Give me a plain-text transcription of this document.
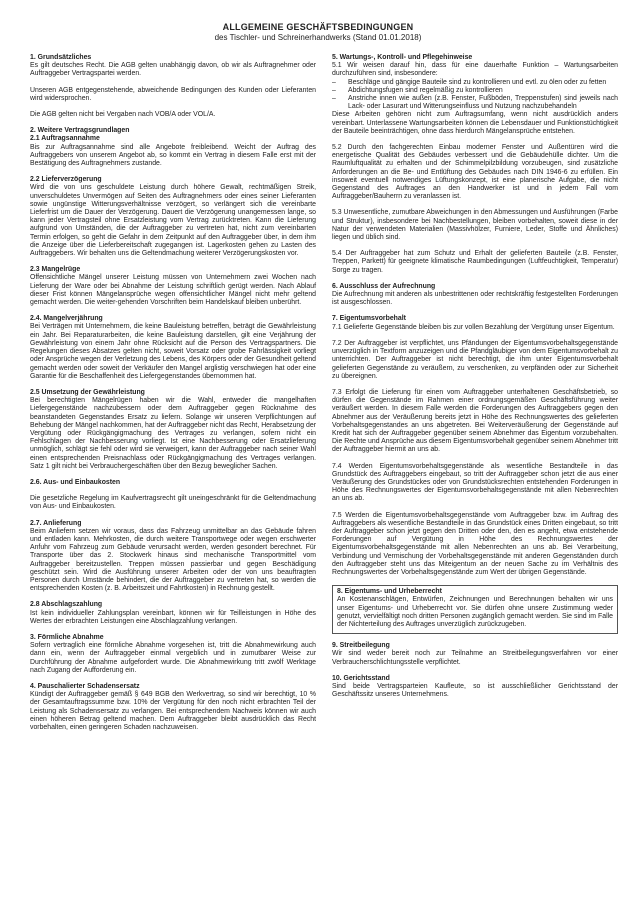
ALLGEMEINE GESCHÄFTSBEDINGUNGEN
des Tischler- und Schreinerhandwerks (Stand 01.01.2018)
1. Grundsätzliches

Es gilt deutsches Recht. Die AGB gelten unabhängig davon, ob wir als Auftragnehmer oder Auftraggeber Vertragspartei werden.

Unseren AGB entgegenstehende, abweichende Bedingungen des Kunden oder Lieferanten wird widersprochen.

Die AGB gelten nicht bei Vergaben nach VOB/A oder VOL/A.

2. Weitere Vertragsgrundlagen
2.1 Auftragsannahme

Bis zur Auftragsannahme sind alle Angebote freibleibend. Weicht der Auftrag des Auftraggebers von unserem Angebot ab, so kommt ein Vertrag in diesem Falle erst mit der Bestätigung des Auftragnehmers zustande.

2.2 Lieferverzögerung

Wird die von uns geschuldete Leistung durch höhere Gewalt, rechtmäßigen Streik, unverschuldetes Unvermögen auf Seiten des Auftragnehmers oder eines seiner Lieferanten sowie ungünstige Witterungsverhältnisse verzögert, so verlängert sich die vereinbarte Lieferfrist um die Dauer der Verzögerung. Dauert die Verzögerung unangemessen lange, so kann jeder Vertragsteil ohne Ersatzleistung vom Vertrag zurücktreten. Kann die Lieferung aufgrund von Umständen, die der Auftraggeber zu vertreten hat, nicht zum vereinbarten Termin erfolgen, so geht die Gefahr in dem Zeitpunkt auf den Auftraggeber über, in dem ihm die Anzeige über die Lieferbereitschaft zugegangen ist. Lagerkosten gehen zu Lasten des Auftraggebers. Wir behalten uns die Geltendmachung weiterer Verzögerungskosten vor.

2.3 Mangelrüge

Offensichtliche Mängel unserer Leistung müssen von Unternehmern zwei Wochen nach Lieferung der Ware oder bei Abnahme der Leistung schriftlich gerügt werden. Nach Ablauf dieser Frist können Mängelansprüche wegen offensichtlicher Mängel nicht mehr geltend gemacht werden. Die weiter-gehenden Vorschriften beim Handelskauf bleiben unberührt.

2.4. Mangelverjährung

Bei Verträgen mit Unternehmern, die keine Bauleistung betreffen, beträgt die Gewährleistung ein Jahr. Bei Reparaturarbeiten, die keine Bauleistung darstellen, gilt eine Verjährung der Gewährleistung von einem Jahr ohne Rücksicht auf die Person des Vertragspartners. Die Regelungen dieses Absatzes gelten nicht, soweit Vorsatz oder grobe Fahrlässigkeit vorliegt oder Ansprüche wegen der Verletzung des Lebens, des Körpers oder der Gesundheit geltend gemacht werden oder soweit der Verkäufer den Mangel arglistig verschwiegen hat oder eine Garantie für die Beschaffenheit des Liefergegenstandes übernommen hat.

2.5 Umsetzung der Gewährleistung

Bei berechtigten Mängelrügen haben wir die Wahl, entweder die mangelhaften Liefergegenstände nachzubessern oder dem Auftraggeber gegen Rücknahme des beanstandeten Gegenstandes Ersatz zu liefern. Solange wir unseren Verpflichtungen auf Behebung der Mängel nachkommen, hat der Auftraggeber nicht das Recht, Herabsetzung der Vergütung oder Rückgängigmachung des Vertrages zu verlangen, sofern nicht ein Fehlschlagen der Nachbesserung vorliegt. Ist eine Nachbesserung oder Ersatzlieferung unmöglich, schlägt sie fehl oder wird sie verweigert, kann der Auftraggeber nach seiner Wahl einen entsprechenden Preisnachlass oder Rückgängigmachung des Vertrages verlangen. Satz 1 gilt nicht bei Verbrauchergeschäften über den Bezug beweglicher Sachen.

2.6. Aus- und Einbaukosten

Die gesetzliche Regelung im Kaufvertragsrecht gilt uneingeschränkt für die Geltendmachung von Aus- und Einbaukosten.

2.7. Anlieferung

Beim Anliefern setzen wir voraus, dass das Fahrzeug unmittelbar an das Gebäude fahren und entladen kann. Mehrkosten, die durch weitere Transportwege oder wegen erschwerter Anfuhr vom Fahrzeug zum Gebäude verursacht werden, werden gesondert berechnet. Für Transporte über das 2. Stockwerk hinaus sind mechanische Transportmittel vom Auftraggeber bereitzustellen. Treppen müssen passierbar und gegen Beschädigung geschützt sein. Wird die Ausführung unserer Arbeiten oder der von uns beauftragten Personen durch Umstände behindert, die der Auftraggeber zu vertreten hat, so werden die entsprechenden Kosten (z. B. Arbeitszeit und Fahrtkosten) in Rechnung gestellt.

2.8 Abschlagszahlung

Ist kein individueller Zahlungsplan vereinbart, können wir für Teilleistungen in Höhe des Wertes der erbrachten Leistungen eine Abschlagzahlung verlangen.

3. Förmliche Abnahme

Sofern vertraglich eine förmliche Abnahme vorgesehen ist, tritt die Abnahmewirkung auch dann ein, wenn der Auftraggeber einmal vergeblich und in zumutbarer Weise zur Durchführung der Abnahme aufgefordert wurde. Die Abnahmewirkung tritt zwölf Werktage nach Zugang der Aufforderung ein.

4. Pauschalierter Schadensersatz

Kündigt der Auftraggeber gemäß § 649 BGB den Werkvertrag, so sind wir berechtigt, 10 % der Gesamtauftragssumme bzw. 10% der Vergütung für den noch nicht erbrachten Teil der Leistung als Schadensersatz zu verlangen. Bei entsprechendem Nachweis können wir auch einen höheren Betrag geltend machen. Dem Auftraggeber bleibt ausdrücklich das Recht vorbehalten, einen geringeren Schaden nachzuweisen.

5. Wartungs-, Kontroll- und Pflegehinweise

5.1 Wir weisen darauf hin, dass für eine dauerhafte Funktion – Wartungsarbeiten durchzuführen sind, insbesondere:

–	Beschläge und gängige Bauteile sind zu kontrollieren und evtl. zu ölen oder zu fetten
–	Abdichtungsfugen sind regelmäßig zu kontrollieren
–	Anstriche innen wie außen (z.B. Fenster, Fußböden, Treppenstufen) sind jeweils nach Lack- oder Lasurart und Witterungseinfluss und Nutzung nachzubehandeln

Diese Arbeiten gehören nicht zum Auftragsumfang, wenn nicht ausdrücklich anders vereinbart. Unterlassene Wartungsarbeiten können die Lebensdauer und Funktionstüchtigkeit der Bauteile beeinträchtigen, ohne dass hierdurch Mängelansprüche entstehen.

5.2 Durch den fachgerechten Einbau moderner Fenster und Außentüren wird die energetische Qualität des Gebäudes verbessert und die Gebäudehülle dichter. Um die Raumluftqualität zu erhalten und der Schimmelpilzbildung vorzubeugen, sind zusätzliche Anforderungen an die Be- und Entlüftung des Gebäudes nach DIN 1946-6 zu erfüllen. Ein insoweit eventuell notwendiges Lüftungskonzept, ist eine planerische Aufgabe, die nicht Gegenstand des Auftrages an den Handwerker ist und in jedem Fall vom Auftraggeber/Bauherrn zu veranlassen ist.

5.3 Unwesentliche, zumutbare Abweichungen in den Abmessungen und Ausführungen (Farbe und Struktur), insbesondere bei Nachbestellungen, bleiben vorbehalten, soweit diese in der Natur der verwendeten Materialien (Massivhölzer, Furniere, Leder, Stoffe und Ähnliches) liegen und üblich sind.

5.4 Der Auftraggeber hat zum Schutz und Erhalt der gelieferten Bauteile (z.B. Fenster, Treppen, Parkett) für geeignete klimatische Raumbedingungen (Luftfeuchtigkeit, Temperatur) Sorge zu tragen.

6. Ausschluss der Aufrechnung

Die Aufrechnung mit anderen als unbestrittenen oder rechtskräftig festgestellten Forderungen ist ausgeschlossen.

7. Eigentumsvorbehalt

7.1 Gelieferte Gegenstände bleiben bis zur vollen Bezahlung der Vergütung unser Eigentum.

7.2 Der Auftraggeber ist verpflichtet, uns Pfändungen der Eigentumsvorbehaltsgegenstände unverzüglich in Textform anzuzeigen und die Pfandgläubiger von dem Eigentumsvorbehalt zu unterrichten. Der Auftraggeber ist nicht berechtigt, die ihm unter Eigentumsvorbehalt gelieferten Gegenstände zu veräußern, zu verschenken, zu verpfänden oder zur Sicherheit zu übereignen.

7.3 Erfolgt die Lieferung für einen vom Auftraggeber unterhaltenen Geschäftsbetrieb, so dürfen die Gegenstände im Rahmen einer ordnungsgemäßen Geschäftsführung weiter veräußert werden. In diesem Falle werden die Forderungen des Auftraggebers gegen den Abnehmer aus der Veräußerung bereits jetzt in Höhe des Rechnungswertes des gelieferten Vorbehaltsgegenstandes an uns abgetreten. Bei Weiterveräußerung der Gegenstände auf Kredit hat sich der Auftraggeber gegenüber seinem Abnehmer das Eigentum vorzubehalten. Die Rechte und Ansprüche aus diesem Eigentumsvorbehalt gegenüber seinem Abnehmer tritt der Auftraggeber hiermit an uns ab.

7.4 Werden Eigentumsvorbehaltsgegenstände als wesentliche Bestandteile in das Grundstück des Auftraggebers eingebaut, so tritt der Auftraggeber schon jetzt die aus einer Veräußerung des Grundstückes oder von Grundstücksrechten entstehenden Forderungen in Höhe des Rechnungswertes der Eigentumsvorbehaltsgegenstände mit allen Nebenrechten an uns ab.

7.5 Werden die Eigentumsvorbehaltsgegenstände vom Auftraggeber bzw. im Auftrag des Auftraggebers als wesentliche Bestandteile in das Grundstück eines Dritten eingebaut, so tritt der Auftraggeber schon jetzt gegen den Dritten oder den, den es angeht, etwa entstehende Forderungen auf Vergütung in Höhe des Rechnungswertes der Eigentumsvorbehaltsgegenstände mit allen Nebenrechten an uns ab. Bei Verarbeitung, Verbindung und Vermischung der Vorbehaltsgegenstände mit anderen Gegenständen durch den Auftraggeber steht uns das Miteigentum an der neuen Sache zu im Verhältnis des Rechnungswertes der Vorbehaltsgegenstände zum Wert der übrigen Gegenstände.

8. Eigentums- und Urheberrecht

An Kostenanschlägen, Entwürfen, Zeichnungen und Berechnungen behalten wir uns unser Eigentums- und Urheberrecht vor. Sie dürfen ohne unsere Zustimmung weder genutzt, vervielfältigt noch dritten Personen zugänglich gemacht werden. Sie sind im Falle der Nichterteilung des Auftrages unverzüglich zurückzugeben.

9. Streitbeilegung

Wir sind weder bereit noch zur Teilnahme an Streitbeilegungsverfahren vor einer Verbraucherschlichtungsstelle verpflichtet.

10. Gerichtsstand

Sind beide Vertragsparteien Kaufleute, so ist ausschließlicher Gerichtsstand der Geschäftssitz unseres Unternehmens.
